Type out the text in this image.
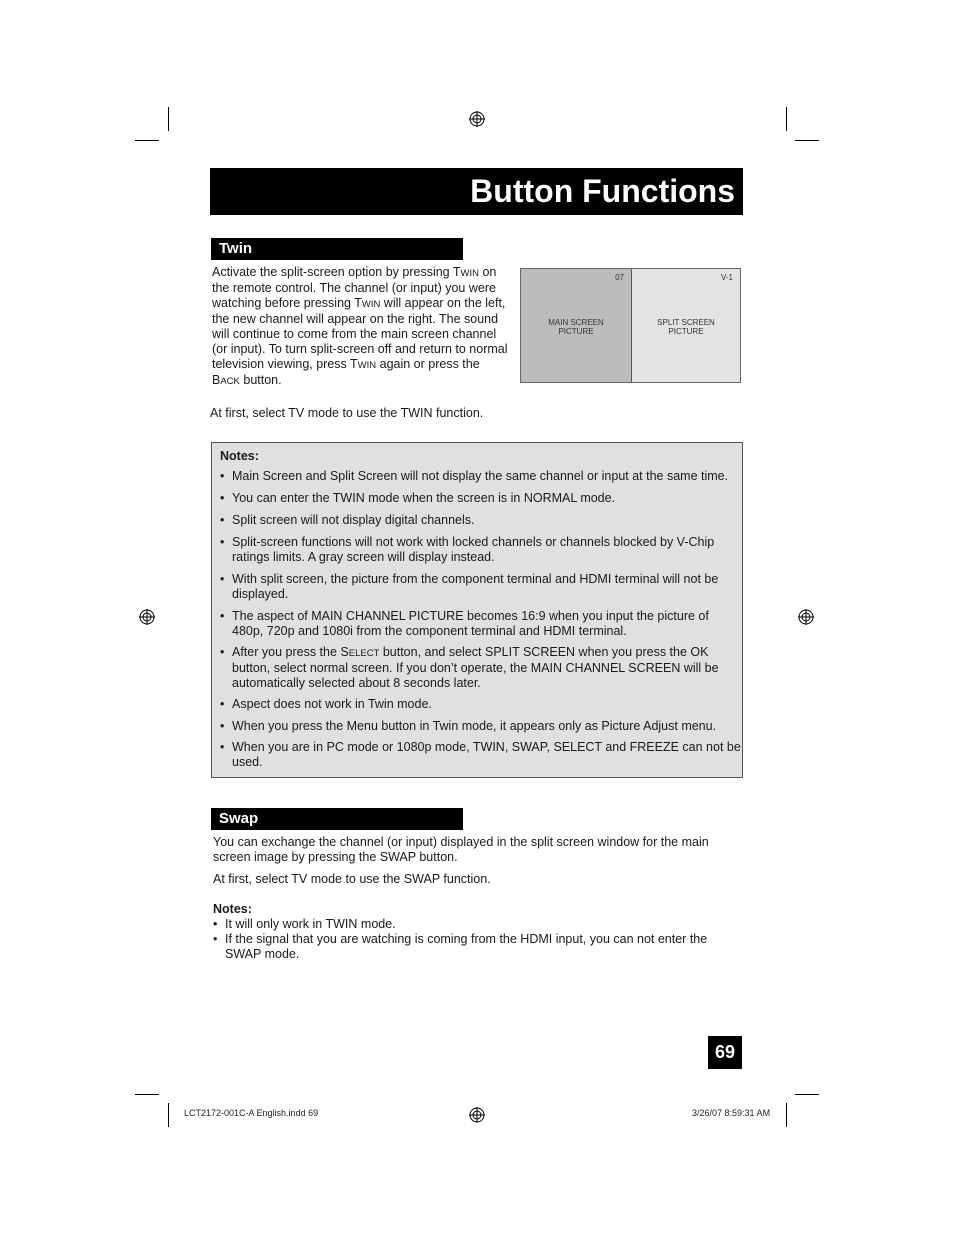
Button Functions
Twin
Activate the split-screen option by pressing TWIN on the remote control. The channel (or input) you were watching before pressing TWIN will appear on the left, the new channel will appear on the right. The sound will continue to come from the main screen channel (or input). To turn split-screen off and return to normal television viewing, press TWIN again or press the BACK button.
07
MAIN SCREEN
PICTURE
V-1
SPLIT SCREEN
PICTURE
At first, select TV mode to use the TWIN function.
Notes:
• Main Screen and Split Screen will not display the same channel or input at the same time.
• You can enter the TWIN mode when the screen is in NORMAL mode.
• Split screen will not display digital channels.
• Split-screen functions will not work with locked channels or channels blocked by V-Chip ratings limits. A gray screen will display instead.
• With split screen, the picture from the component terminal and HDMI terminal will not be displayed.
• The aspect of MAIN CHANNEL PICTURE becomes 16:9 when you input the picture of 480p, 720p and 1080i from the component terminal and HDMI terminal.
• After you press the SELECT button, and select SPLIT SCREEN when you press the OK button, select normal screen. If you don’t operate, the MAIN CHANNEL SCREEN will be automatically selected about 8 seconds later.
• Aspect does not work in Twin mode.
• When you press the Menu button in Twin mode, it appears only as Picture Adjust menu.
• When you are in PC mode or 1080p mode, TWIN, SWAP, SELECT and FREEZE can not be used.
Swap
You can exchange the channel (or input) displayed in the split screen window for the main screen image by pressing the SWAP button.
At first, select TV mode to use the SWAP function.
Notes:
• It will only work in TWIN mode.
• If the signal that you are watching is coming from the HDMI input, you can not enter the SWAP mode.
69
LCT2172-001C-A English.indd 69	3/26/07 8:59:31 AM
